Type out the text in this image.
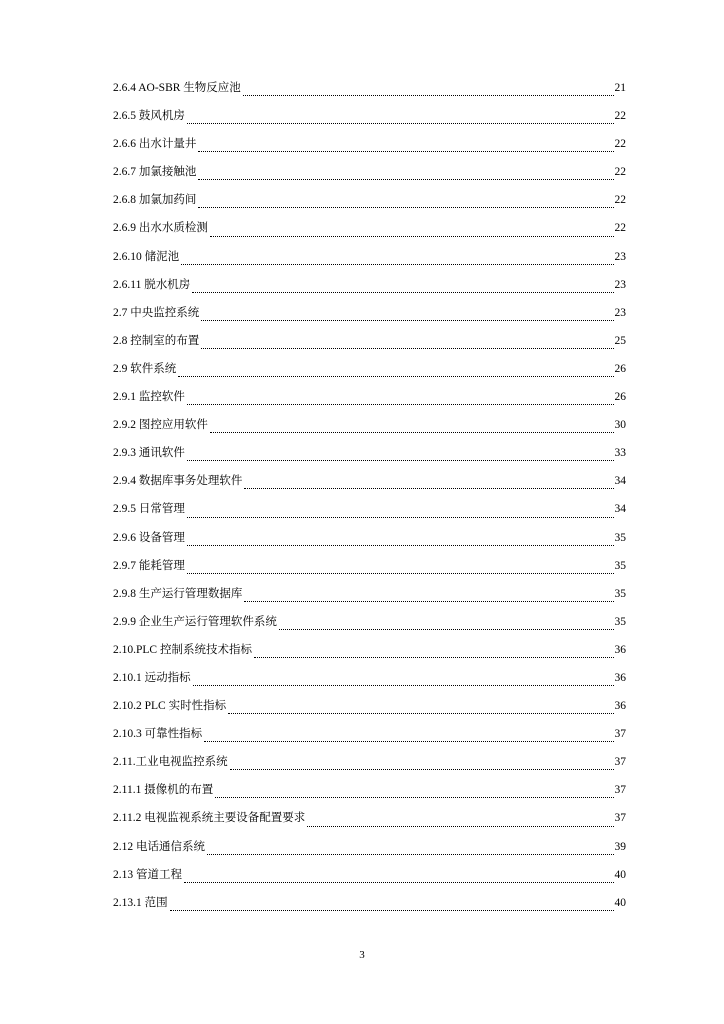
2.6.4 AO-SBR 生物反应池	21
2.6.5 鼓风机房	22
2.6.6 出水计量井	22
2.6.7 加氯接触池	22
2.6.8 加氯加药间	22
2.6.9 出水水质检测	22
2.6.10 储泥池	23
2.6.11 脱水机房	23
2.7 中央监控系统	23
2.8 控制室的布置	25
2.9 软件系统	26
2.9.1 监控软件	26
2.9.2 图控应用软件	30
2.9.3 通讯软件	33
2.9.4 数据库事务处理软件	34
2.9.5 日常管理	34
2.9.6 设备管理	35
2.9.7 能耗管理	35
2.9.8 生产运行管理数据库	35
2.9.9 企业生产运行管理软件系统	35
2.10.PLC 控制系统技术指标	36
2.10.1 远动指标	36
2.10.2 PLC 实时性指标	36
2.10.3 可靠性指标	37
2.11.工业电视监控系统	37
2.11.1 摄像机的布置	37
2.11.2 电视监视系统主要设备配置要求	37
2.12 电话通信系统	39
2.13 管道工程	40
2.13.1 范围	40
3
